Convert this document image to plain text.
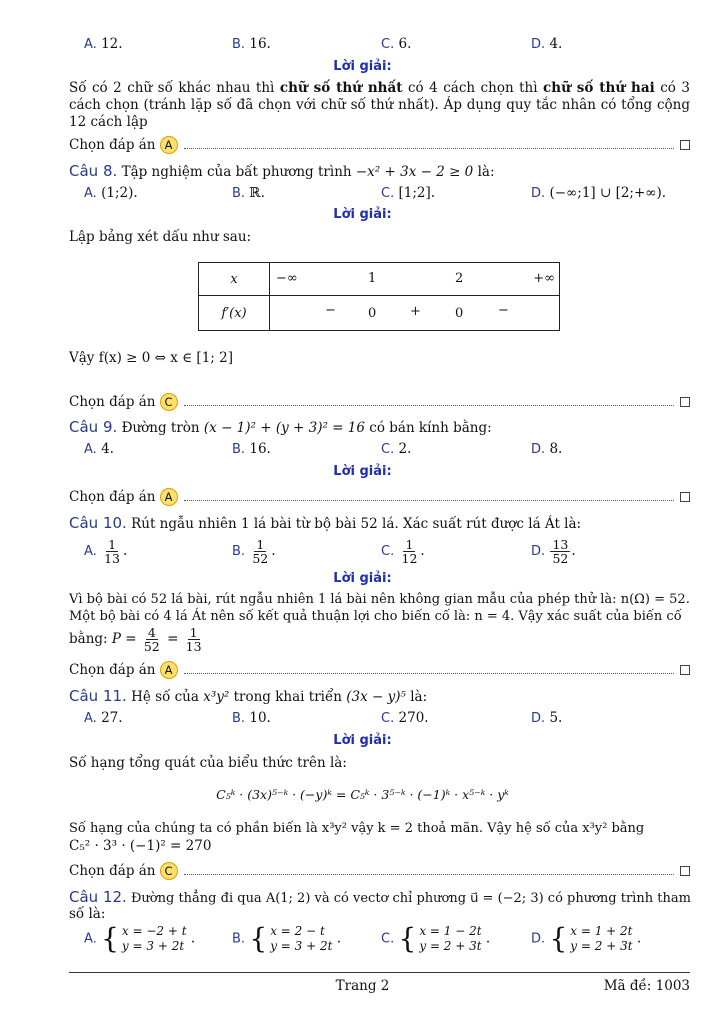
A. 12.	B. 16.	C. 6.	D. 4.
Lời giải:
Số có 2 chữ số khác nhau thì chữ số thứ nhất có 4 cách chọn thì chữ số thứ hai có 3 cách chọn (tránh lặp số đã chọn với chữ số thứ nhất). Áp dụng quy tắc nhân có tổng cộng 12 cách lập
Chọn đáp án A
Câu 8. Tập nghiệm của bất phương trình −x² + 3x − 2 ≥ 0 là:
A. (1;2).	B. ℝ.	C. [1;2].	D. (−∞;1] ∪ [2;+∞).
Lời giải:
Lập bảng xét dấu như sau:
x	−∞ 1 2 +∞

f′(x)	− 0 + 0 −
Vậy f(x) ≥ 0 ⇔ x ∈ [1; 2]
Chọn đáp án C
Câu 9. Đường tròn (x − 1)² + (y + 3)² = 16 có bán kính bằng:
A. 4.	B. 16.	C. 2.	D. 8.
Lời giải:
Chọn đáp án A
Câu 10. Rút ngẫu nhiên 1 lá bài từ bộ bài 52 lá. Xác suất rút được lá Át là:
A. $\frac{1}{13}$ .	B. $\frac{1}{52}$ .	C. $\frac{1}{12}$ .	D. $\frac{13}{52}$ .
Lời giải:
Vì bộ bài có 52 lá bài, rút ngẫu nhiên 1 lá bài nên không gian mẫu của phép thử là: n(Ω) = 52.
Một bộ bài có 4 lá Át nên số kết quả thuận lợi cho biến cố là: n = 4. Vậy xác suất của biến cố
bằng: $P = \frac{4}{52} = \frac{1}{13}$
Chọn đáp án A
Câu 11. Hệ số của x³y² trong khai triển (3x − y)⁵ là:
A. 27.	B. 10.	C. 270.	D. 5.
Lời giải:
Số hạng tổng quát của biểu thức trên là:
C₅ᵏ · (3x)⁵⁻ᵏ · (−y)ᵏ = C₅ᵏ · 3⁵⁻ᵏ · (−1)ᵏ · x⁵⁻ᵏ · yᵏ
Số hạng của chúng ta có phần biến là x³y² vậy k = 2 thoả mãn. Vậy hệ số của x³y² bằng
C₅² · 3³ · (−1)² = 270
Chọn đáp án C
Câu 12. Đường thẳng đi qua A(1; 2) và có vectơ chỉ phương u⃗ = (−2; 3) có phương trình tham
số là:
A. { x = −2 + t
y = 3 + 2t .	B. { x = 2 − t
y = 3 + 2t .	C. { x = 1 − 2t
y = 2 + 3t .	D. { x = 1 + 2t
y = 2 + 3t .
Trang 2	Mã đề: 1003
